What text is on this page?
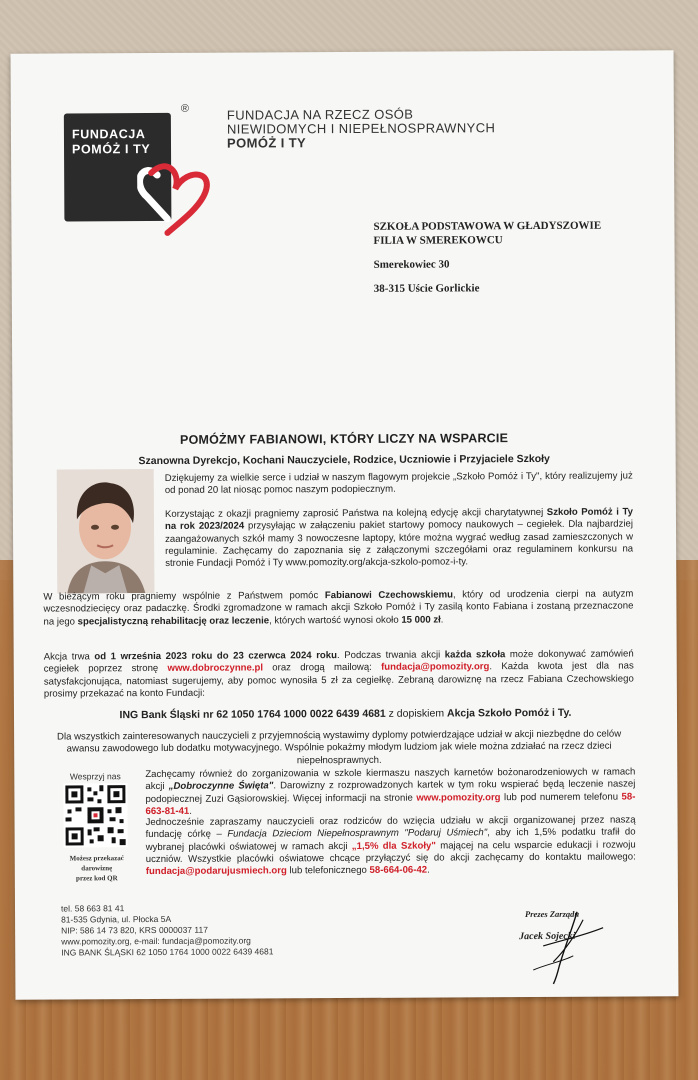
FUNDACJA
POMÓŻ I TY
®	FUNDACJA NA RZECZ OSÓB
NIEWIDOMYCH I NIEPEŁNOSPRAWNYCH
POMÓŻ I TY
SZKOŁA PODSTAWOWA W GŁADYSZOWIE
FILIA W SMEREKOWCU
Smerekowiec 30
38-315 Uście Gorlickie
POMÓŻMY FABIANOWI, KTÓRY LICZY NA WSPARCIE
Szanowna Dyrekcjo, Kochani Nauczyciele, Rodzice, Uczniowie i Przyjaciele Szkoły
Dziękujemy za wielkie serce i udział w naszym flagowym projekcie „Szkoło Pomóż i Ty", który realizujemy już od ponad 20 lat niosąc pomoc naszym podopiecznym.
Korzystając z okazji pragniemy zaprosić Państwa na kolejną edycję akcji charytatywnej Szkoło Pomóż i Ty na rok 2023/2024 przysyłając w załączeniu pakiet startowy pomocy naukowych – cegiełek. Dla najbardziej zaangażowanych szkół mamy 3 nowoczesne laptopy, które można wygrać według zasad zamieszczonych w regulaminie. Zachęcamy do zapoznania się z załączonymi szczegółami oraz regulaminem konkursu na stronie Fundacji Pomóż i Ty www.pomozity.org/akcja-szkolo-pomoz-i-ty.
W bieżącym roku pragniemy wspólnie z Państwem pomóc Fabianowi Czechowskiemu, który od urodzenia cierpi na autyzm wczesnodziecięcy oraz padaczkę. Środki zgromadzone w ramach akcji Szkoło Pomóż i Ty zasilą konto Fabiana i zostaną przeznaczone na jego specjalistyczną rehabilitację oraz leczenie, których wartość wynosi około 15 000 zł.
Akcja trwa od 1 września 2023 roku do 23 czerwca 2024 roku. Podczas trwania akcji każda szkoła może dokonywać zamówień cegiełek poprzez stronę www.dobroczynne.pl oraz drogą mailową: fundacja@pomozity.org. Każda kwota jest dla nas satysfakcjonująca, natomiast sugerujemy, aby pomoc wynosiła 5 zł za cegiełkę. Zebraną darowiznę na rzecz Fabiana Czechowskiego prosimy przekazać na konto Fundacji:
ING Bank Śląski nr 62 1050 1764 1000 0022 6439 4681 z dopiskiem Akcja Szkoło Pomóż i Ty.
Dla wszystkich zainteresowanych nauczycieli z przyjemnością wystawimy dyplomy potwierdzające udział w akcji niezbędne do celów awansu zawodowego lub dodatku motywacyjnego. Wspólnie pokażmy młodym ludziom jak wiele można zdziałać na rzecz dzieci niepełnosprawnych.
Wesprzyj nas
Możesz przekazać
darowiznę
przez kod QR
Zachęcamy również do zorganizowania w szkole kiermaszu naszych karnetów bożonarodzeniowych w ramach akcji „Dobroczynne Święta". Darowizny z rozprowadzonych kartek w tym roku wspierać będą leczenie naszej podopiecznej Zuzi Gąsiorowskiej. Więcej informacji na stronie www.pomozity.org lub pod numerem telefonu 58-663-81-41.
Jednocześnie zapraszamy nauczycieli oraz rodziców do wzięcia udziału w akcji organizowanej przez naszą fundację córkę – Fundacja Dzieciom Niepełnosprawnym "Podaruj Uśmiech", aby ich 1,5% podatku trafił do wybranej placówki oświatowej w ramach akcji „1,5% dla Szkoły" mającej na celu wsparcie edukacji i rozwoju uczniów. Wszystkie placówki oświatowe chcące przyłączyć się do akcji zachęcamy do kontaktu mailowego: fundacja@podarujusmiech.org lub telefonicznego 58-664-06-42.
tel. 58 663 81 41
81-535 Gdynia, ul. Płocka 5A
NIP: 586 14 73 820, KRS 0000037 117
www.pomozity.org, e-mail: fundacja@pomozity.org
ING BANK ŚLĄSKI 62 1050 1764 1000 0022 6439 4681
Prezes Zarządu
Jacek Sojecki
